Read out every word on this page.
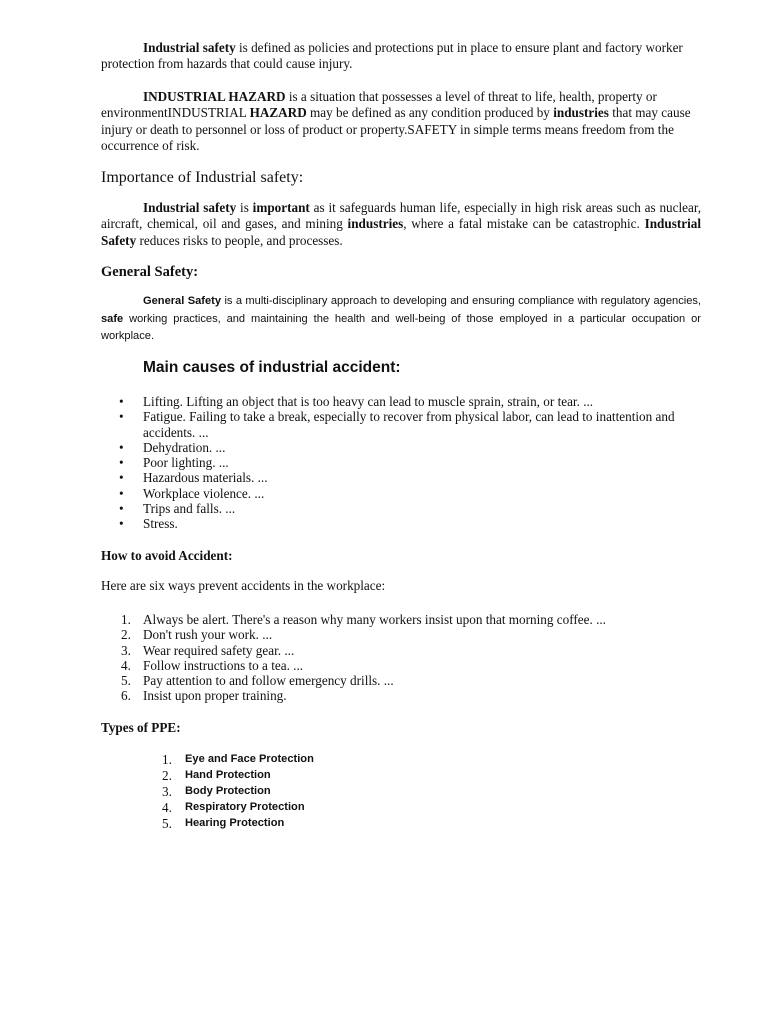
Industrial safety is defined as policies and protections put in place to ensure plant and factory worker protection from hazards that could cause injury.

INDUSTRIAL HAZARD is a situation that possesses a level of threat to life, health, property or environmentINDUSTRIAL HAZARD may be defined as any condition produced by industries that may cause injury or death to personnel or loss of product or property.SAFETY in simple terms means freedom from the occurrence of risk.

Importance of Industrial safety:

Industrial safety is important as it safeguards human life, especially in high risk areas such as nuclear, aircraft, chemical, oil and gases, and mining industries, where a fatal mistake can be catastrophic. Industrial Safety reduces risks to people, and processes.

General Safety:

General Safety is a multi-disciplinary approach to developing and ensuring compliance with regulatory agencies, safe working practices, and maintaining the health and well-being of those employed in a particular occupation or workplace.

Main causes of industrial accident:
• Lifting. Lifting an object that is too heavy can lead to muscle sprain, strain, or tear. ...
• Fatigue. Failing to take a break, especially to recover from physical labor, can lead to inattention and accidents. ...
• Dehydration. ...
• Poor lighting. ...
• Hazardous materials. ...
• Workplace violence. ...
• Trips and falls. ...
• Stress.
How to avoid Accident:

Here are six ways prevent accidents in the workplace:

1. Always be alert. There's a reason why many workers insist upon that morning coffee. ...
2. Don't rush your work. ...
3. Wear required safety gear. ...
4. Follow instructions to a tea. ...
5. Pay attention to and follow emergency drills. ...
6. Insist upon proper training.
Types of PPE:
1. Eye and Face Protection
2. Hand Protection
3. Body Protection
4. Respiratory Protection
5. Hearing Protection
